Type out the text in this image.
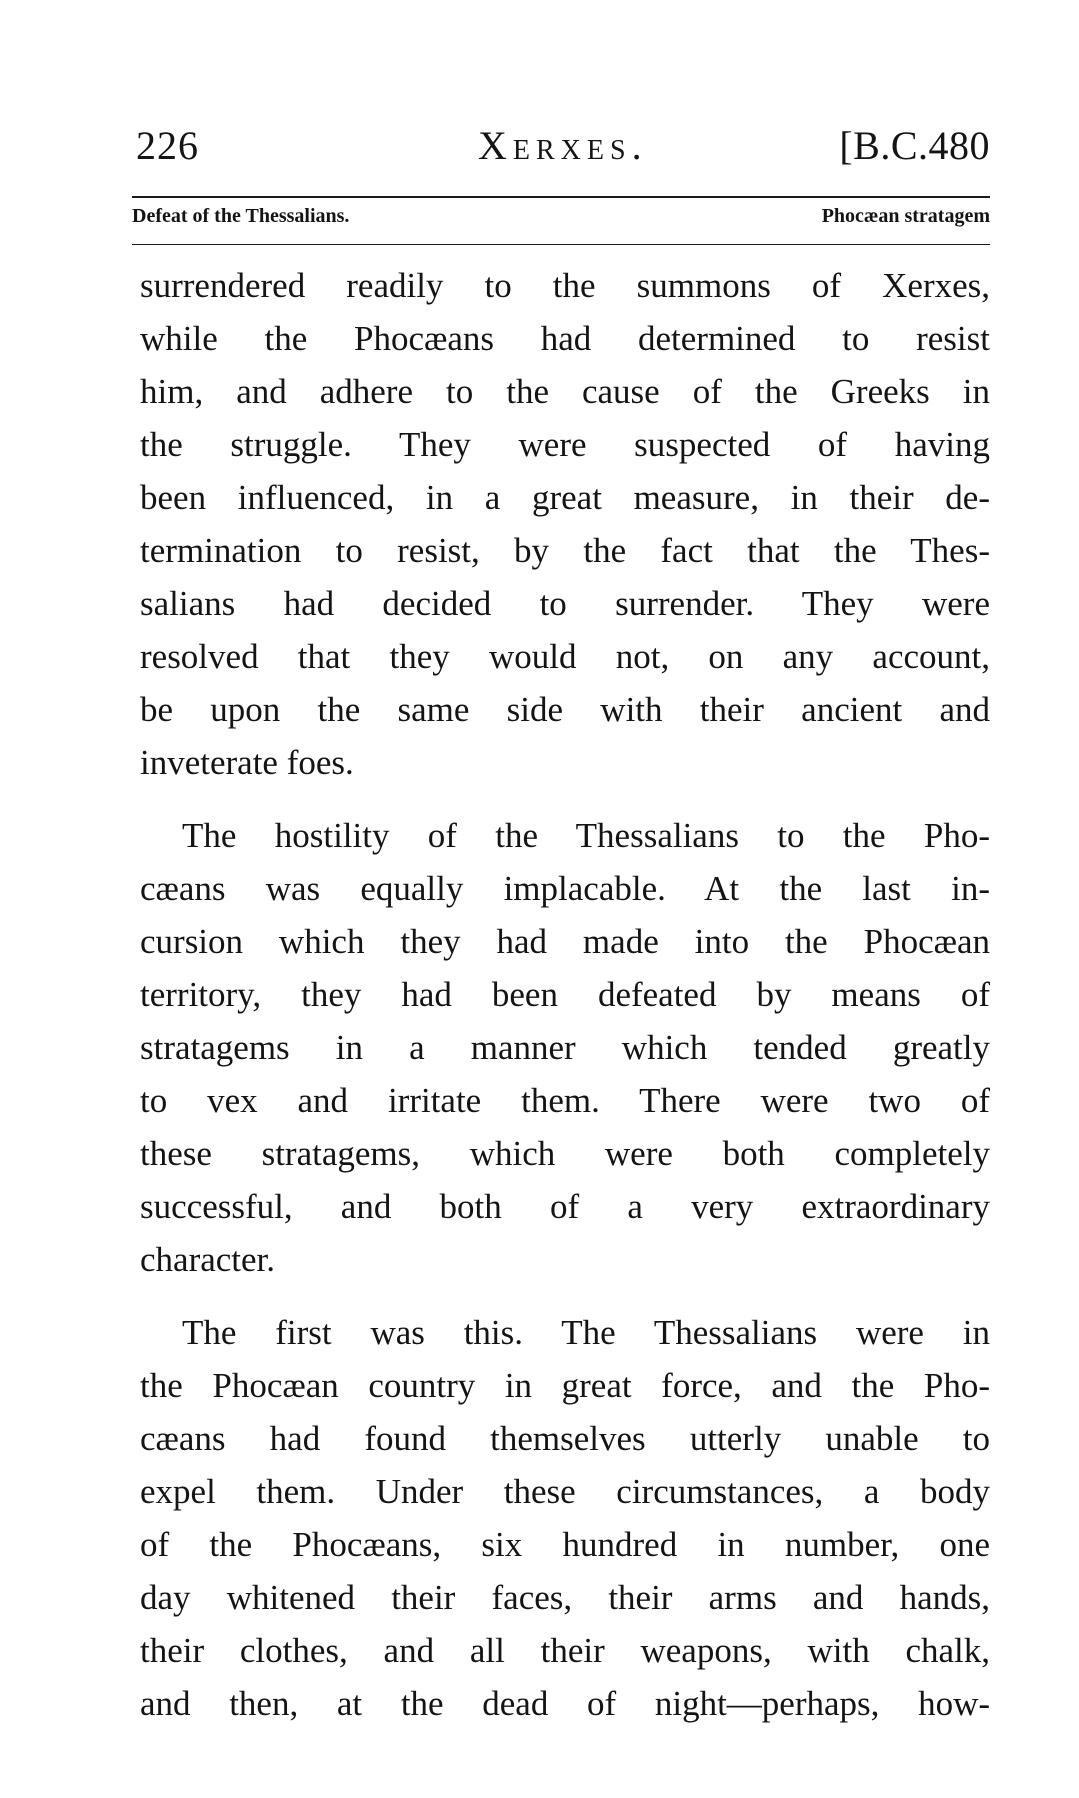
226	Xerxes.	[B.C.480
Defeat of the Thessalians.	Phocæan stratagem

surrendered readily to the summons of Xerxes,
while the Phocæans had determined to resist
him, and adhere to the cause of the Greeks in
the struggle. They were suspected of having
been influenced, in a great measure, in their de-
termination to resist, by the fact that the Thes-
salians had decided to surrender. They were
resolved that they would not, on any account,
be upon the same side with their ancient and
inveterate foes.

The hostility of the Thessalians to the Pho-
cæans was equally implacable. At the last in-
cursion which they had made into the Phocæan
territory, they had been defeated by means of
stratagems in a manner which tended greatly
to vex and irritate them. There were two of
these stratagems, which were both completely
successful, and both of a very extraordinary
character.

The first was this. The Thessalians were in
the Phocæan country in great force, and the Pho-
cæans had found themselves utterly unable to
expel them. Under these circumstances, a body
of the Phocæans, six hundred in number, one
day whitened their faces, their arms and hands,
their clothes, and all their weapons, with chalk,
and then, at the dead of night—perhaps, how-
